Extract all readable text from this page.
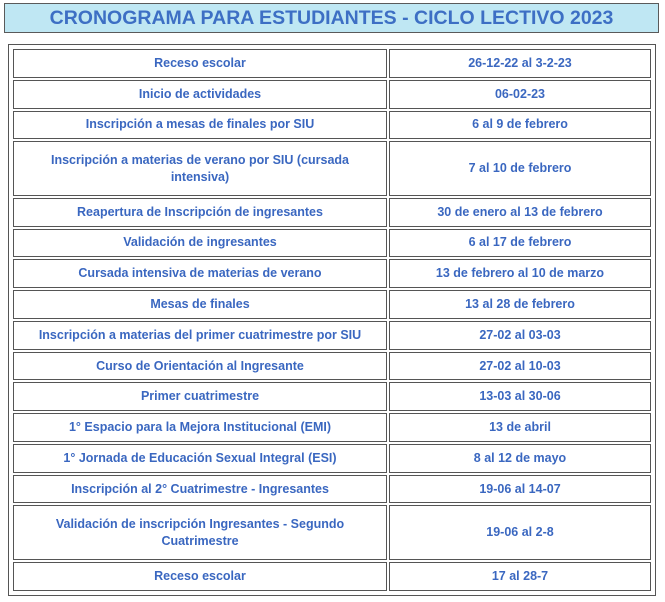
CRONOGRAMA PARA ESTUDIANTES - CICLO LECTIVO 2023
Receso escolar	26-12-22 al 3-2-23
Inicio de actividades	06-02-23
Inscripción a mesas de finales por SIU	6 al 9 de febrero
Inscripción a materias de verano por SIU (cursada intensiva)	7 al 10 de febrero
Reapertura de Inscripción de ingresantes	30 de enero al 13 de febrero
Validación de ingresantes	6 al 17 de febrero
Cursada intensiva de materias de verano	13 de febrero al 10 de marzo
Mesas de finales	13 al 28 de febrero
Inscripción a materias del primer cuatrimestre por SIU	27-02 al 03-03
Curso de Orientación al Ingresante	27-02 al 10-03
Primer cuatrimestre	13-03 al 30-06
1° Espacio para la Mejora Institucional (EMI)	13 de abril
1° Jornada de Educación Sexual Integral (ESI)	8 al 12 de mayo
Inscripción al 2° Cuatrimestre - Ingresantes	19-06 al 14-07
Validación de inscripción Ingresantes - Segundo Cuatrimestre	19-06 al 2-8
Receso escolar	17 al 28-7
